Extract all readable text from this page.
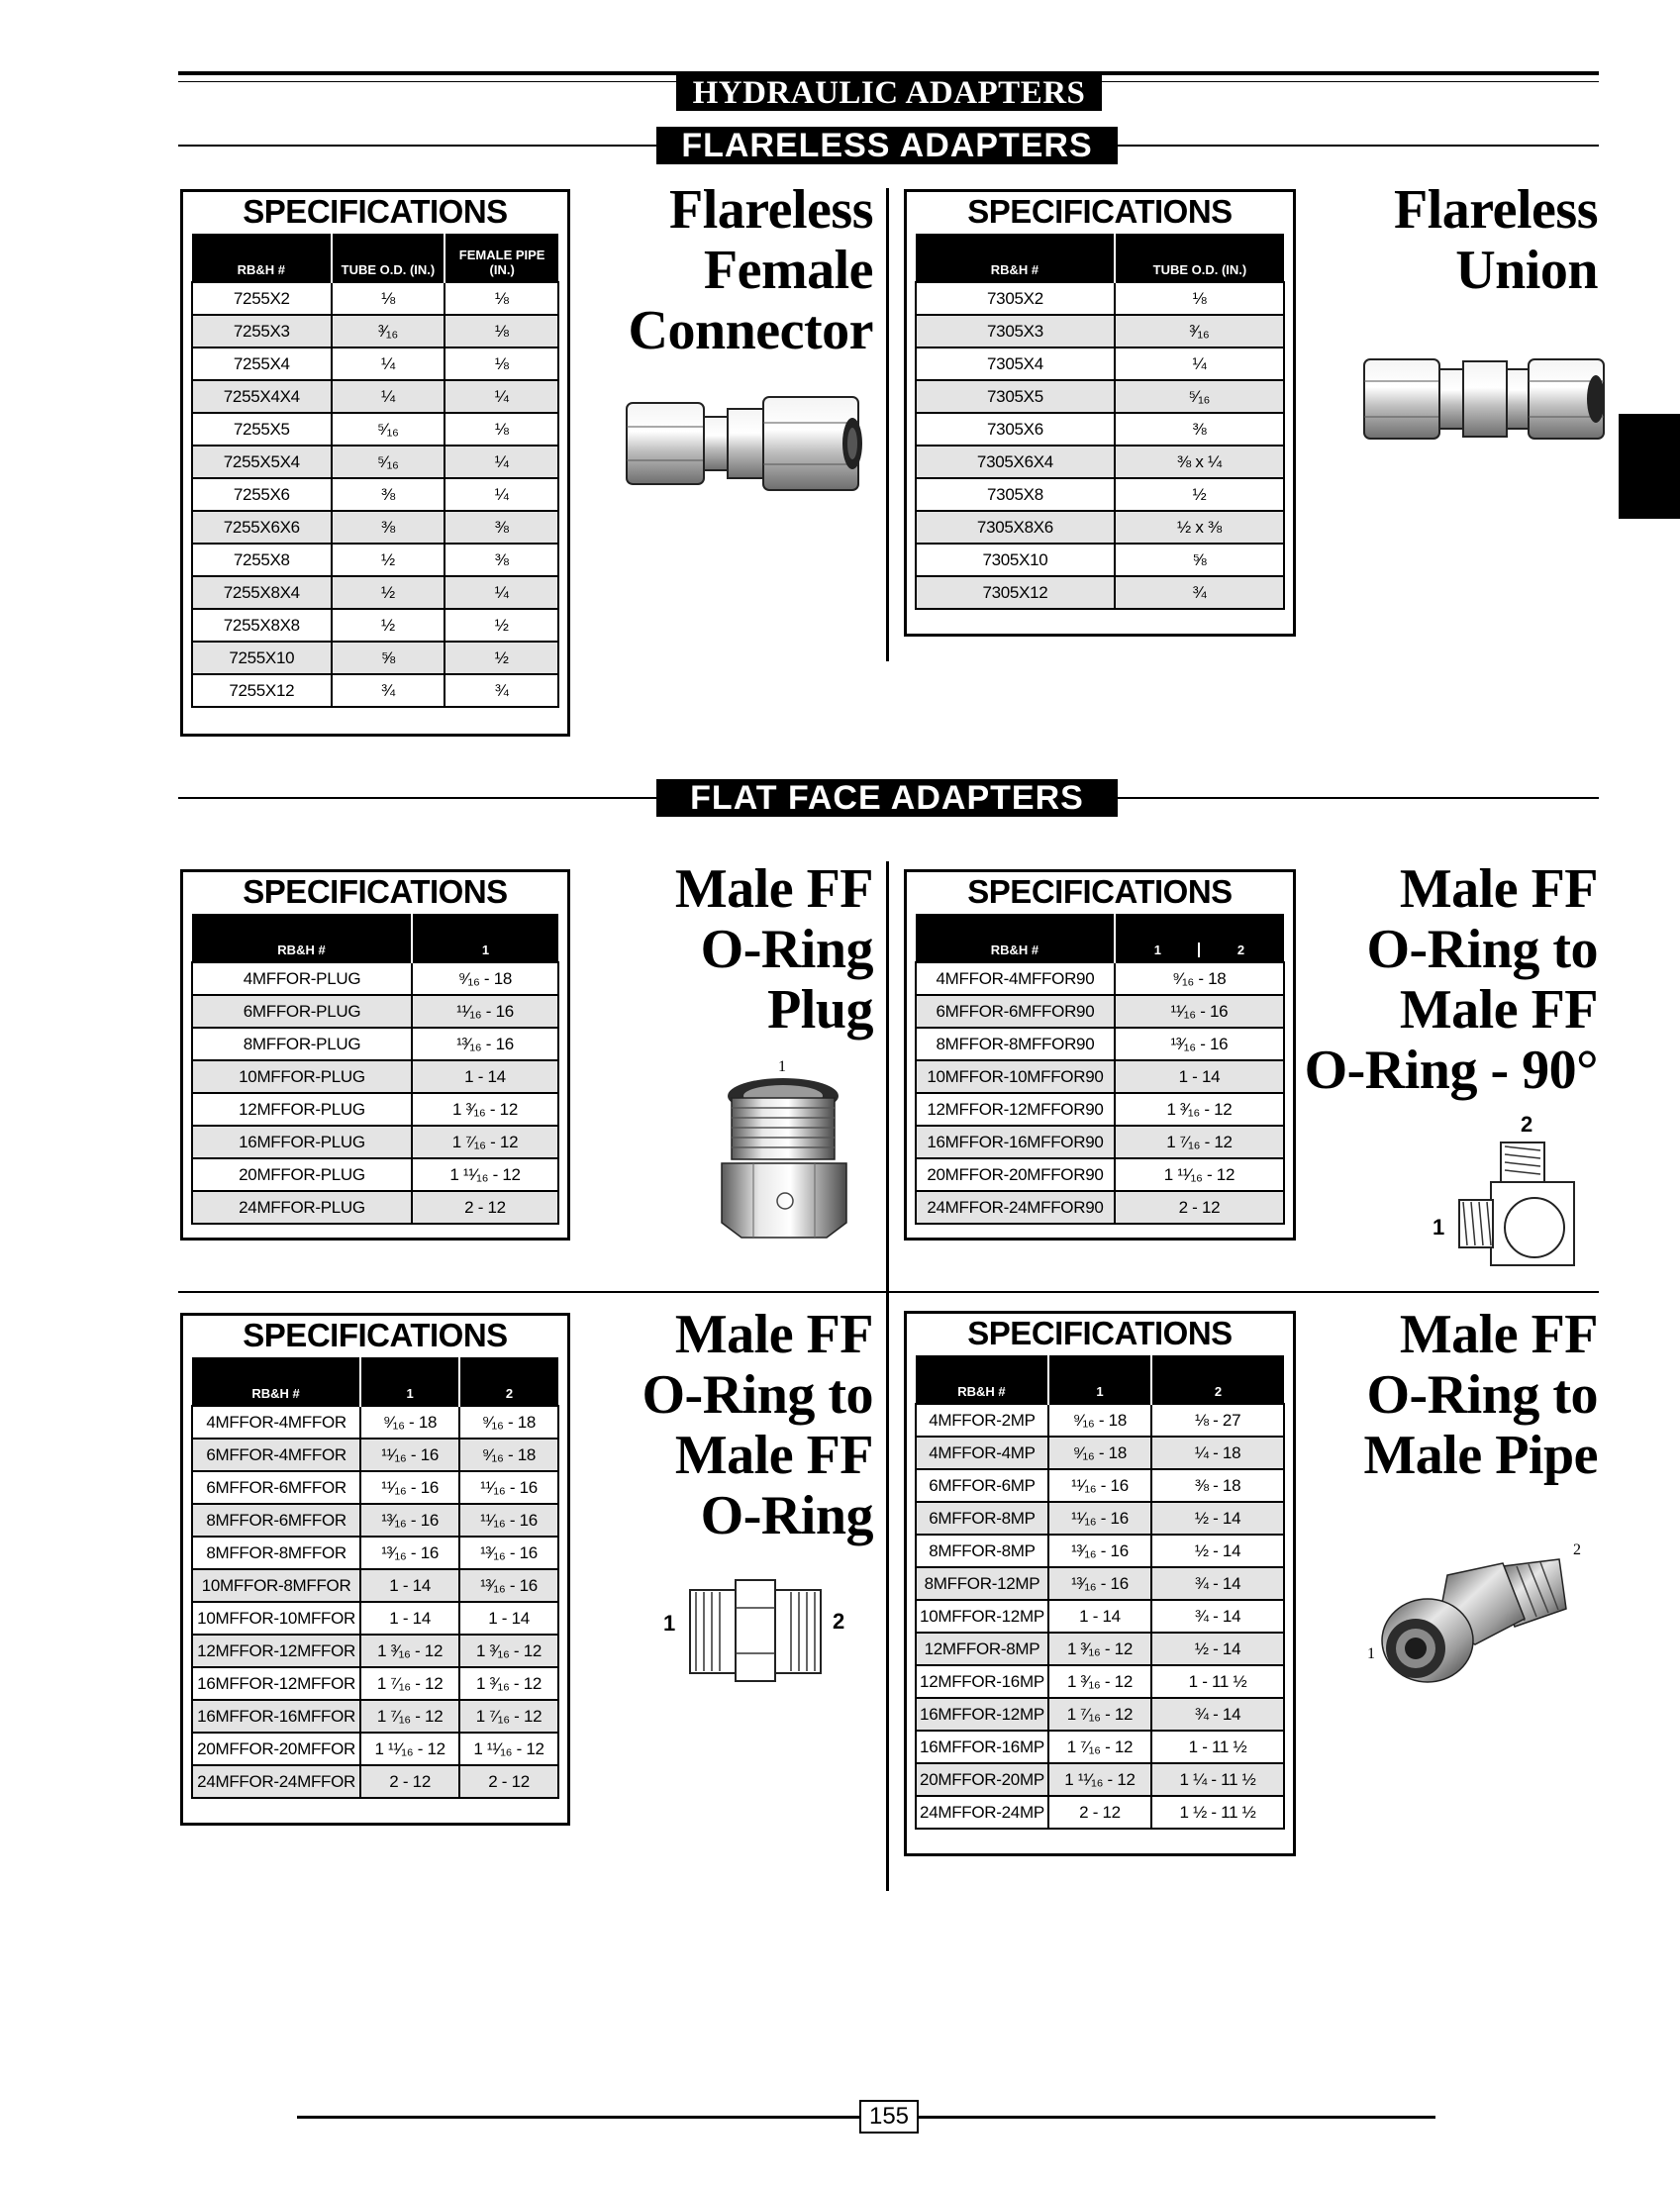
HYDRAULIC ADAPTERS
FLARELESS ADAPTERS
SPECIFICATIONS
RB&H #	TUBE O.D. (IN.)	FEMALE PIPE (IN.)
7255X2	⅛	⅛
7255X3	³⁄₁₆	⅛
7255X4	¼	⅛
7255X4X4	¼	¼
7255X5	⁵⁄₁₆	⅛
7255X5X4	⁵⁄₁₆	¼
7255X6	⅜	¼
7255X6X6	⅜	⅜
7255X8	½	⅜
7255X8X4	½	¼
7255X8X8	½	½
7255X10	⅝	½
7255X12	¾	¾
Flareless
Female
Connector
SPECIFICATIONS
RB&H #	TUBE O.D. (IN.)
7305X2	⅛
7305X3	³⁄₁₆
7305X4	¼
7305X5	⁵⁄₁₆
7305X6	⅜
7305X6X4	⅜ x ¼
7305X8	½
7305X8X6	½ x ⅜
7305X10	⅝
7305X12	¾
Flareless
Union
FLAT FACE ADAPTERS
SPECIFICATIONS
RB&H #	1
4MFFOR-PLUG	⁹⁄₁₆ - 18
6MFFOR-PLUG	¹¹⁄₁₆ - 16
8MFFOR-PLUG	¹³⁄₁₆ - 16
10MFFOR-PLUG	1 - 14
12MFFOR-PLUG	1 ³⁄₁₆ - 12
16MFFOR-PLUG	1 ⁷⁄₁₆ - 12
20MFFOR-PLUG	1 ¹¹⁄₁₆ - 12
24MFFOR-PLUG	2 - 12
Male FF
O-Ring
Plug
1
SPECIFICATIONS
RB&H #	1 2
4MFFOR-4MFFOR90	⁹⁄₁₆ - 18
6MFFOR-6MFFOR90	¹¹⁄₁₆ - 16
8MFFOR-8MFFOR90	¹³⁄₁₆ - 16
10MFFOR-10MFFOR90	1 - 14
12MFFOR-12MFFOR90	1 ³⁄₁₆ - 12
16MFFOR-16MFFOR90	1 ⁷⁄₁₆ - 12
20MFFOR-20MFFOR90	1 ¹¹⁄₁₆ - 12
24MFFOR-24MFFOR90	2 - 12
Male FF
O-Ring to
Male FF
O-Ring - 90°
2
1
SPECIFICATIONS
RB&H #	1	2
4MFFOR-4MFFOR	⁹⁄₁₆ - 18	⁹⁄₁₆ - 18
6MFFOR-4MFFOR	¹¹⁄₁₆ - 16	⁹⁄₁₆ - 18
6MFFOR-6MFFOR	¹¹⁄₁₆ - 16	¹¹⁄₁₆ - 16
8MFFOR-6MFFOR	¹³⁄₁₆ - 16	¹¹⁄₁₆ - 16
8MFFOR-8MFFOR	¹³⁄₁₆ - 16	¹³⁄₁₆ - 16
10MFFOR-8MFFOR	1 - 14	¹³⁄₁₆ - 16
10MFFOR-10MFFOR	1 - 14	1 - 14
12MFFOR-12MFFOR	1 ³⁄₁₆ - 12	1 ³⁄₁₆ - 12
16MFFOR-12MFFOR	1 ⁷⁄₁₆ - 12	1 ³⁄₁₆ - 12
16MFFOR-16MFFOR	1 ⁷⁄₁₆ - 12	1 ⁷⁄₁₆ - 12
20MFFOR-20MFFOR	1 ¹¹⁄₁₆ - 12	1 ¹¹⁄₁₆ - 12
24MFFOR-24MFFOR	2 - 12	2 - 12
Male FF
O-Ring to
Male FF
O-Ring
1	2
SPECIFICATIONS
RB&H #	1	2
4MFFOR-2MP	⁹⁄₁₆ - 18	⅛ - 27
4MFFOR-4MP	⁹⁄₁₆ - 18	¼ - 18
6MFFOR-6MP	¹¹⁄₁₆ - 16	⅜ - 18
6MFFOR-8MP	¹¹⁄₁₆ - 16	½ - 14
8MFFOR-8MP	¹³⁄₁₆ - 16	½ - 14
8MFFOR-12MP	¹³⁄₁₆ - 16	¾ - 14
10MFFOR-12MP	1 - 14	¾ - 14
12MFFOR-8MP	1 ³⁄₁₆ - 12	½ - 14
12MFFOR-16MP	1 ³⁄₁₆ - 12	1 - 11 ½
16MFFOR-12MP	1 ⁷⁄₁₆ - 12	¾ - 14
16MFFOR-16MP	1 ⁷⁄₁₆ - 12	1 - 11 ½
20MFFOR-20MP	1 ¹¹⁄₁₆ - 12	1 ¼ - 11 ½
24MFFOR-24MP	2 - 12	1 ½ - 11 ½
Male FF
O-Ring to
Male Pipe
2
1
155
